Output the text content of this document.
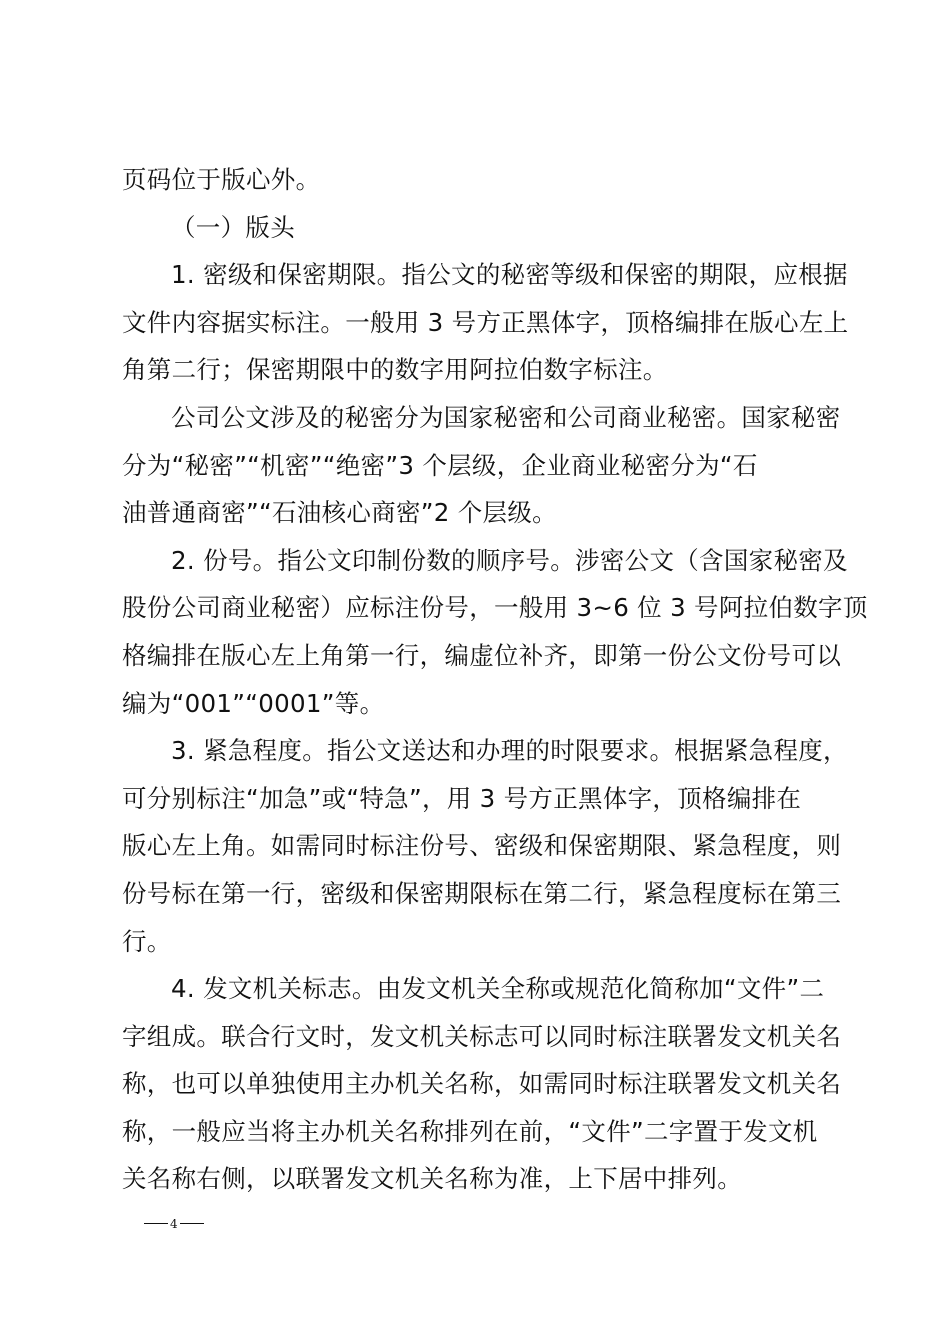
页码位于版心外。
（一）版头
1. 密级和保密期限。指公文的秘密等级和保密的期限，应根据
文件内容据实标注。一般用 3 号方正黑体字，顶格编排在版心左上
角第二行；保密期限中的数字用阿拉伯数字标注。
公司公文涉及的秘密分为国家秘密和公司商业秘密。国家秘密
分为“秘密”“机密”“绝密”3 个层级，企业商业秘密分为“石
油普通商密”“石油核心商密”2 个层级。
2. 份号。指公文印制份数的顺序号。涉密公文（含国家秘密及
股份公司商业秘密）应标注份号，一般用 3~6 位 3 号阿拉伯数字顶
格编排在版心左上角第一行，编虚位补齐，即第一份公文份号可以
编为“001”“0001”等。
3. 紧急程度。指公文送达和办理的时限要求。根据紧急程度，
可分别标注“加急”或“特急”，用 3 号方正黑体字，顶格编排在
版心左上角。如需同时标注份号、密级和保密期限、紧急程度，则
份号标在第一行，密级和保密期限标在第二行，紧急程度标在第三
行。
4. 发文机关标志。由发文机关全称或规范化简称加“文件”二
字组成。联合行文时，发文机关标志可以同时标注联署发文机关名
称，也可以单独使用主办机关名称，如需同时标注联署发文机关名
称，一般应当将主办机关名称排列在前，“文件”二字置于发文机
关名称右侧，以联署发文机关名称为准，上下居中排列。
4
